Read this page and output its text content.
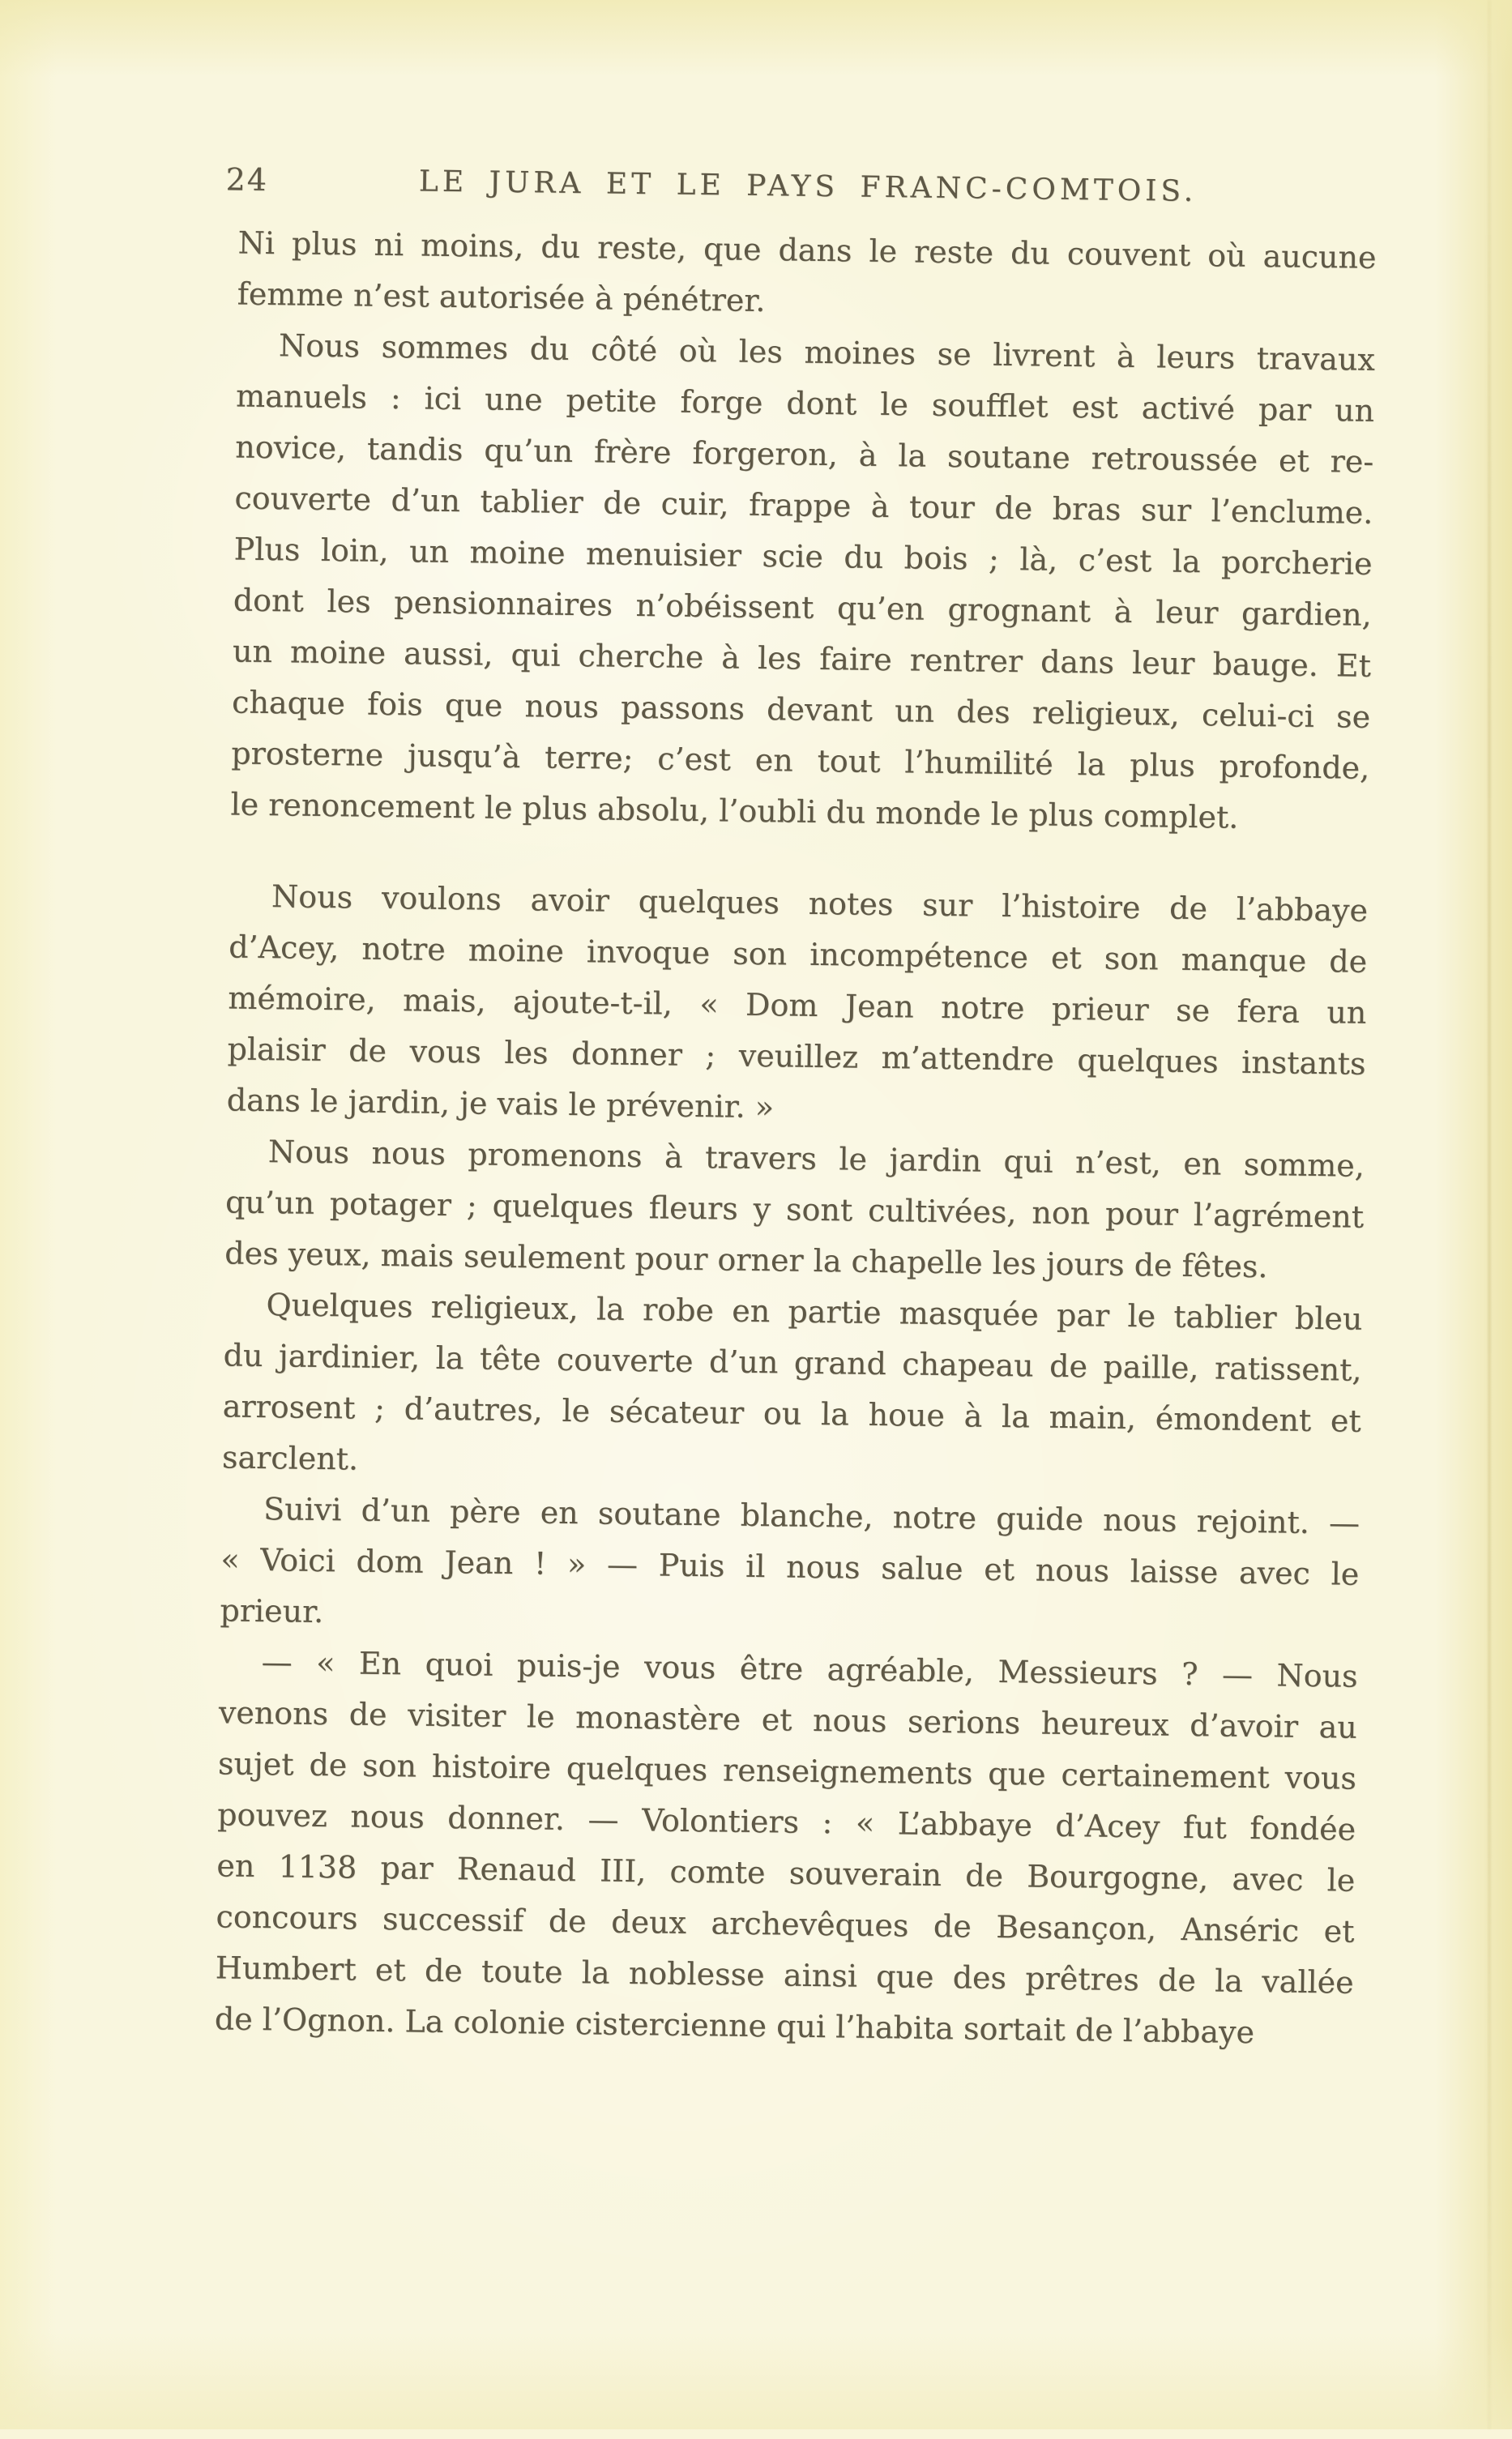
24	LE JURA ET LE PAYS FRANC-COMTOIS.
Ni plus ni moins, du reste, que dans le reste du couvent où aucune
femme n’est autorisée à pénétrer.
Nous sommes du côté où les moines se livrent à leurs travaux
manuels : ici une petite forge dont le soufflet est activé par un
novice, tandis qu’un frère forgeron, à la soutane retroussée et re-
couverte d’un tablier de cuir, frappe à tour de bras sur l’enclume.
Plus loin, un moine menuisier scie du bois ; là, c’est la porcherie
dont les pensionnaires n’obéissent qu’en grognant à leur gardien,
un moine aussi, qui cherche à les faire rentrer dans leur bauge. Et
chaque fois que nous passons devant un des religieux, celui-ci se
prosterne jusqu’à terre; c’est en tout l’humilité la plus profonde,
le renoncement le plus absolu, l’oubli du monde le plus complet.
Nous voulons avoir quelques notes sur l’histoire de l’abbaye
d’Acey, notre moine invoque son incompétence et son manque de
mémoire, mais, ajoute-t-il, « Dom Jean notre prieur se fera un
plaisir de vous les donner ; veuillez m’attendre quelques instants
dans le jardin, je vais le prévenir. »
Nous nous promenons à travers le jardin qui n’est, en somme,
qu’un potager ; quelques fleurs y sont cultivées, non pour l’agrément
des yeux, mais seulement pour orner la chapelle les jours de fêtes.
Quelques religieux, la robe en partie masquée par le tablier bleu
du jardinier, la tête couverte d’un grand chapeau de paille, ratissent,
arrosent ; d’autres, le sécateur ou la houe à la main, émondent et
sarclent.
Suivi d’un père en soutane blanche, notre guide nous rejoint. —
« Voici dom Jean ! » — Puis il nous salue et nous laisse avec le
prieur.
— « En quoi puis-je vous être agréable, Messieurs ? — Nous
venons de visiter le monastère et nous serions heureux d’avoir au
sujet de son histoire quelques renseignements que certainement vous
pouvez nous donner. — Volontiers : « L’abbaye d’Acey fut fondée
en 1138 par Renaud III, comte souverain de Bourgogne, avec le
concours successif de deux archevêques de Besançon, Anséric et
Humbert et de toute la noblesse ainsi que des prêtres de la vallée
de l’Ognon. La colonie cistercienne qui l’habita sortait de l’abbaye
